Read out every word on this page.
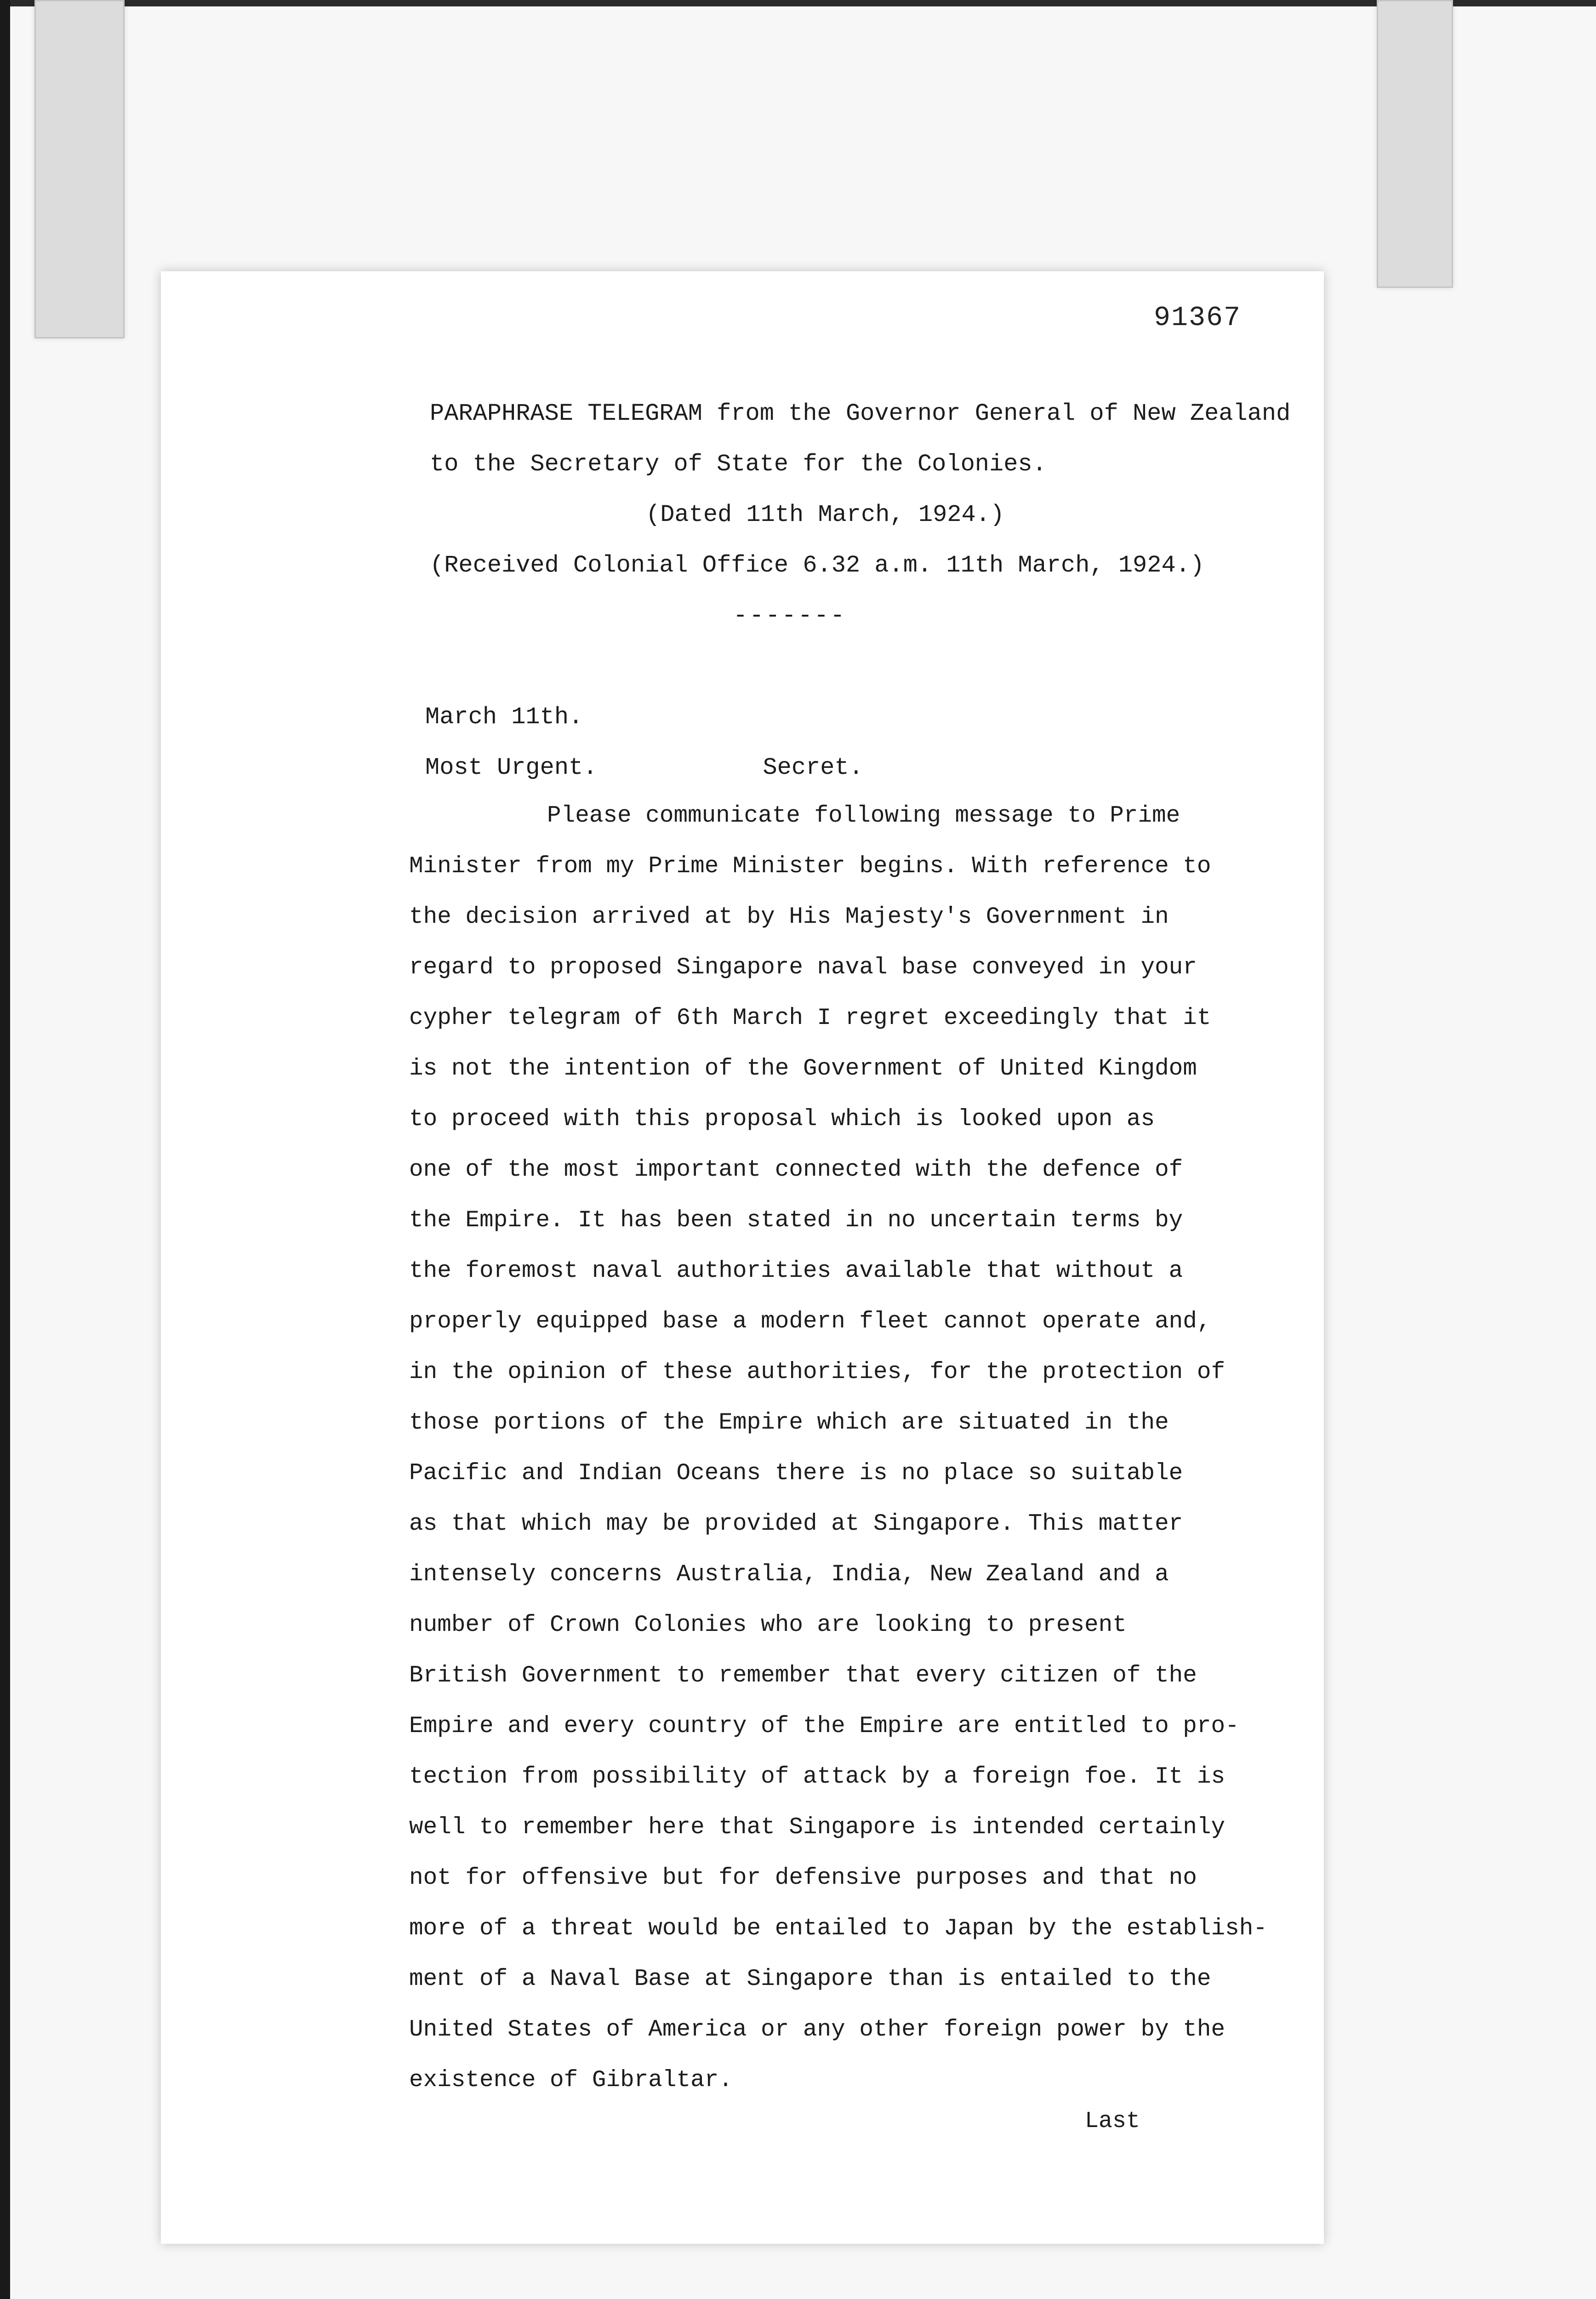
91367
PARAPHRASE TELEGRAM from the Governor General of New Zealand
to the Secretary of State for the Colonies.
(Dated 11th March, 1924.)
(Received Colonial Office 6.32 a.m. 11th March, 1924.)
-------
March 11th.
Most Urgent.	Secret.
Please communicate following message to Prime
Minister from my Prime Minister begins. With reference to
the decision arrived at by His Majesty's Government in
regard to proposed Singapore naval base conveyed in your
cypher telegram of 6th March I regret exceedingly that it
is not the intention of the Government of United Kingdom
to proceed with this proposal which is looked upon as
one of the most important connected with the defence of
the Empire. It has been stated in no uncertain terms by
the foremost naval authorities available that without a
properly equipped base a modern fleet cannot operate and,
in the opinion of these authorities, for the protection of
those portions of the Empire which are situated in the
Pacific and Indian Oceans there is no place so suitable
as that which may be provided at Singapore. This matter
intensely concerns Australia, India, New Zealand and a
number of Crown Colonies who are looking to present
British Government to remember that every citizen of the
Empire and every country of the Empire are entitled to pro-
tection from possibility of attack by a foreign foe. It is
well to remember here that Singapore is intended certainly
not for offensive but for defensive purposes and that no
more of a threat would be entailed to Japan by the establish-
ment of a Naval Base at Singapore than is entailed to the
United States of America or any other foreign power by the
existence of Gibraltar.
Last
